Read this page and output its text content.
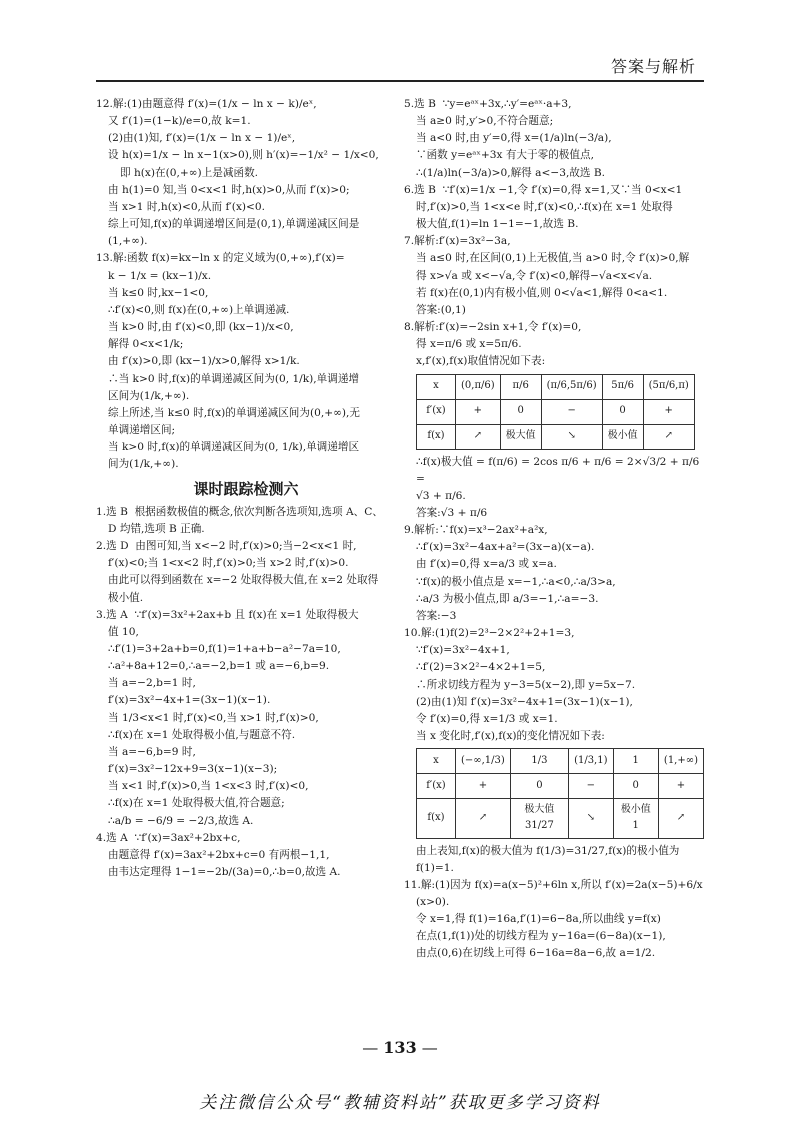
答案与解析
12.解:(1)由题意得 f′(x)=(1/x − ln x − k)/eˣ,
又 f′(1)=(1−k)/e=0,故 k=1.
(2)由(1)知, f′(x)=(1/x − ln x − 1)/eˣ,
设 h(x)=1/x − ln x−1(x>0),则 h′(x)=−1/x² − 1/x<0,
即 h(x)在(0,+∞)上是减函数.
由 h(1)=0 知,当 0<x<1 时,h(x)>0,从而 f′(x)>0;
当 x>1 时,h(x)<0,从而 f′(x)<0.
综上可知,f(x)的单调递增区间是(0,1),单调递减区间是
(1,+∞).
13.解:函数 f(x)=kx−ln x 的定义域为(0,+∞),f′(x)=
k − 1/x = (kx−1)/x.
当 k≤0 时,kx−1<0,
∴f′(x)<0,则 f(x)在(0,+∞)上单调递减.
当 k>0 时,由 f′(x)<0,即 (kx−1)/x<0,
解得 0<x<1/k;
由 f′(x)>0,即 (kx−1)/x>0,解得 x>1/k.
∴当 k>0 时,f(x)的单调递减区间为(0, 1/k),单调递增
区间为(1/k,+∞).
综上所述,当 k≤0 时,f(x)的单调递减区间为(0,+∞),无
单调递增区间;
当 k>0 时,f(x)的单调递减区间为(0, 1/k),单调递增区
间为(1/k,+∞).
课时跟踪检测六
1.选 B  根据函数极值的概念,依次判断各选项知,选项 A、C、
D 均错,选项 B 正确.
2.选 D  由图可知,当 x<−2 时,f′(x)>0;当−2<x<1 时,
f′(x)<0;当 1<x<2 时,f′(x)>0;当 x>2 时,f′(x)>0.
由此可以得到函数在 x=−2 处取得极大值,在 x=2 处取得
极小值.
3.选 A  ∵f′(x)=3x²+2ax+b 且 f(x)在 x=1 处取得极大
值 10,
∴f′(1)=3+2a+b=0,f(1)=1+a+b−a²−7a=10,
∴a²+8a+12=0,∴a=−2,b=1 或 a=−6,b=9.
当 a=−2,b=1 时,
f′(x)=3x²−4x+1=(3x−1)(x−1).
当 1/3<x<1 时,f′(x)<0,当 x>1 时,f′(x)>0,
∴f(x)在 x=1 处取得极小值,与题意不符.
当 a=−6,b=9 时,
f′(x)=3x²−12x+9=3(x−1)(x−3);
当 x<1 时,f′(x)>0,当 1<x<3 时,f′(x)<0,
∴f(x)在 x=1 处取得极大值,符合题意;
∴a/b = −6/9 = −2/3,故选 A.
4.选 A  ∵f′(x)=3ax²+2bx+c,
由题意得 f′(x)=3ax²+2bx+c=0 有两根−1,1,
由韦达定理得 1−1=−2b/(3a)=0,∴b=0,故选 A.
5.选 B  ∵y=eᵃˣ+3x,∴y′=eᵃˣ·a+3,
当 a≥0 时,y′>0,不符合题意;
当 a<0 时,由 y′=0,得 x=(1/a)ln(−3/a),
∵函数 y=eᵃˣ+3x 有大于零的极值点,
∴(1/a)ln(−3/a)>0,解得 a<−3,故选 B.
6.选 B  ∵f′(x)=1/x −1,令 f′(x)=0,得 x=1,又∵当 0<x<1
时,f′(x)>0,当 1<x<e 时,f′(x)<0,∴f(x)在 x=1 处取得
极大值,f(1)=ln 1−1=−1,故选 B.
7.解析:f′(x)=3x²−3a,
当 a≤0 时,在区间(0,1)上无极值,当 a>0 时,令 f′(x)>0,解
得 x>√a 或 x<−√a,令 f′(x)<0,解得−√a<x<√a.
若 f(x)在(0,1)内有极小值,则 0<√a<1,解得 0<a<1.
答案:(0,1)
8.解析:f′(x)=−2sin x+1,令 f′(x)=0,
得 x=π/6 或 x=5π/6.
x,f′(x),f(x)取值情况如下表:
x	(0,π/6)	π/6	(π/6,5π/6)	5π/6	(5π/6,π)
f′(x)	+	0	−	0	+
f(x)	↗	极大值	↘	极小值	↗
∴f(x)极大值 = f(π/6) = 2cos π/6 + π/6 = 2×√3/2 + π/6 =
√3 + π/6.
答案:√3 + π/6
9.解析:∵f(x)=x³−2ax²+a²x,
∴f′(x)=3x²−4ax+a²=(3x−a)(x−a).
由 f′(x)=0,得 x=a/3 或 x=a.
∵f(x)的极小值点是 x=−1,∴a<0,∴a/3>a,
∴a/3 为极小值点,即 a/3=−1,∴a=−3.
答案:−3
10.解:(1)f(2)=2³−2×2²+2+1=3,
∵f′(x)=3x²−4x+1,
∴f′(2)=3×2²−4×2+1=5,
∴所求切线方程为 y−3=5(x−2),即 y=5x−7.
(2)由(1)知 f′(x)=3x²−4x+1=(3x−1)(x−1),
令 f′(x)=0,得 x=1/3 或 x=1.
当 x 变化时,f′(x),f(x)的变化情况如下表:
x	(−∞,1/3)	1/3	(1/3,1)	1	(1,+∞)
f′(x)	+	0	−	0	+
f(x)	↗	极大值 31/27	↘	极小值 1	↗
由上表知,f(x)的极大值为 f(1/3)=31/27,f(x)的极小值为
f(1)=1.
11.解:(1)因为 f(x)=a(x−5)²+6ln x,所以 f′(x)=2a(x−5)+6/x
(x>0).
令 x=1,得 f(1)=16a,f′(1)=6−8a,所以曲线 y=f(x)
在点(1,f(1))处的切线方程为 y−16a=(6−8a)(x−1),
由点(0,6)在切线上可得 6−16a=8a−6,故 a=1/2.
— 133 —
关注微信公众号“教辅资料站”获取更多学习资料
